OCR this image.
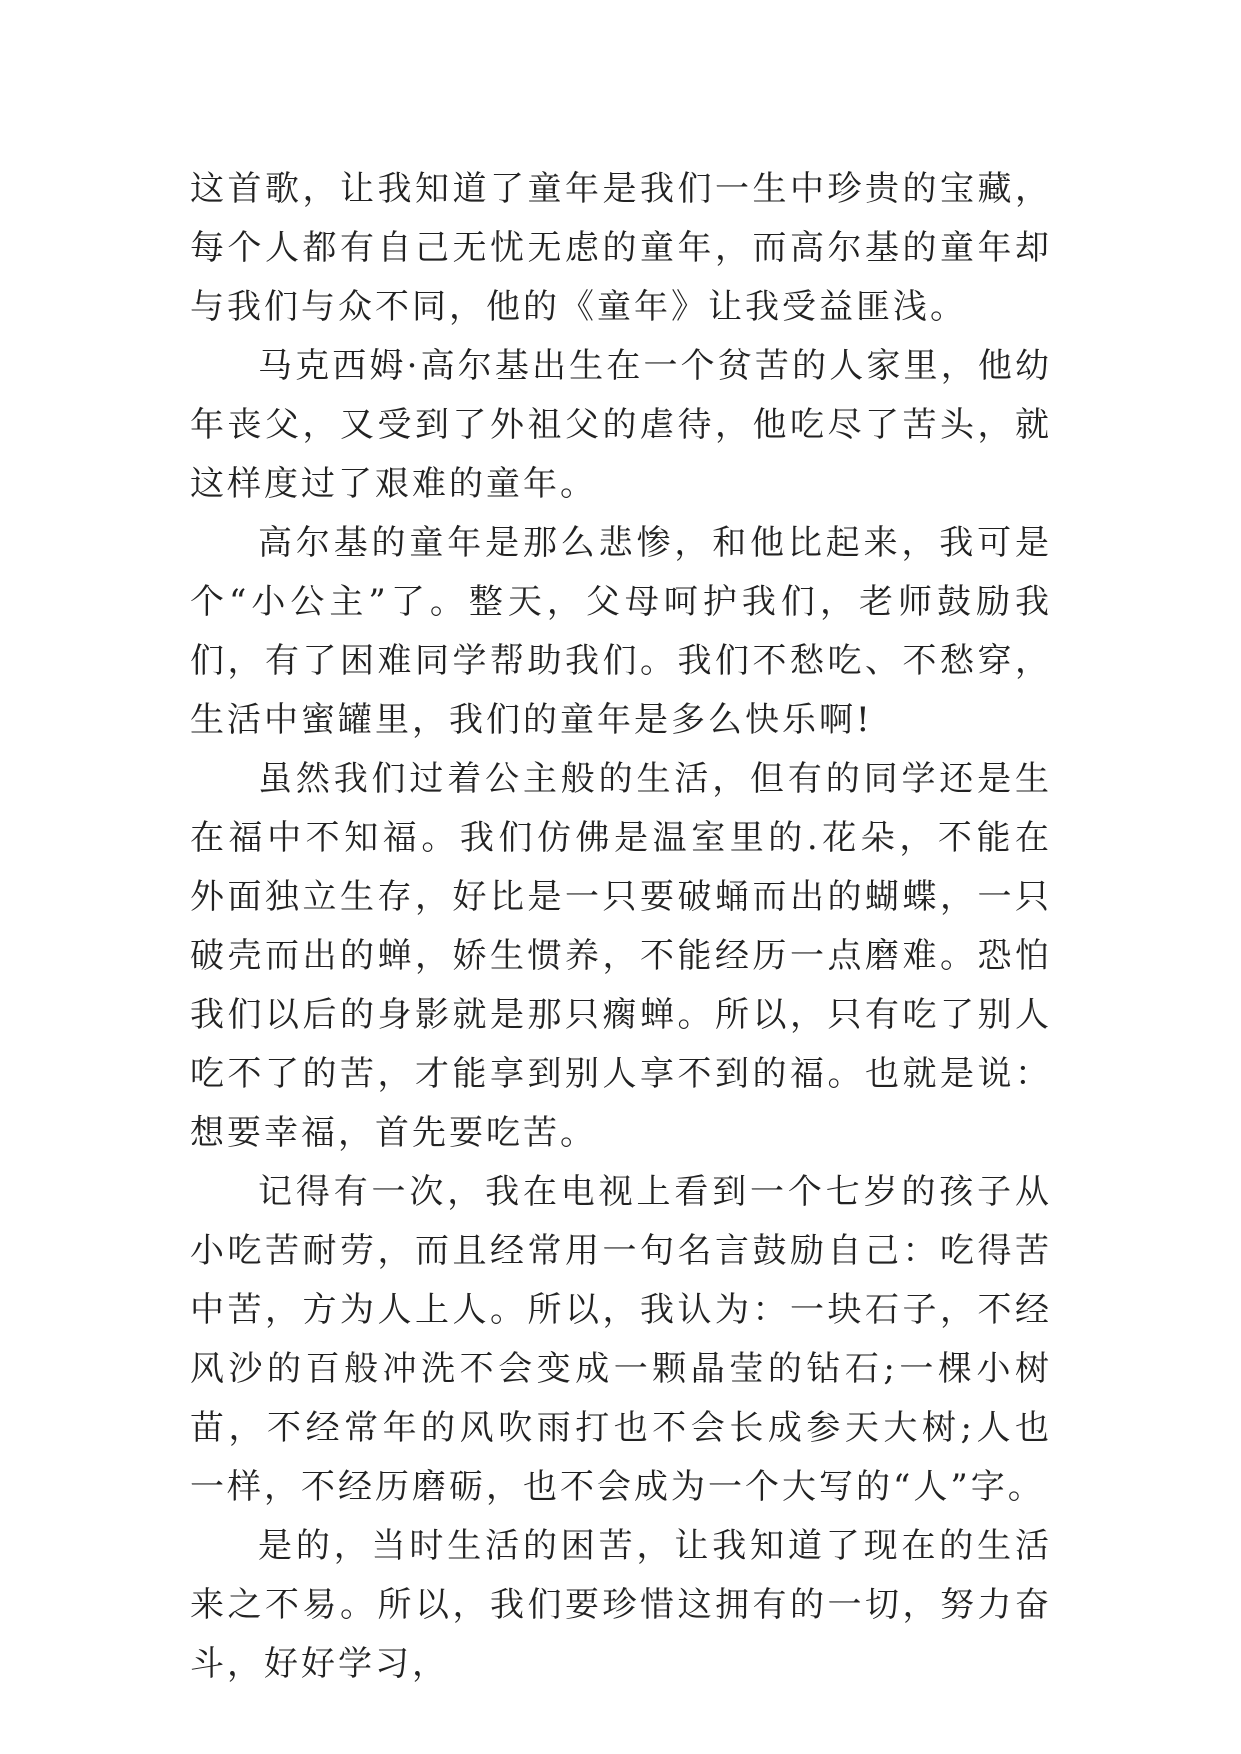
这首歌，让我知道了童年是我们一生中珍贵的宝藏，每个人都有自己无忧无虑的童年，而高尔基的童年却与我们与众不同，他的《童年》让我受益匪浅。

马克西姆·高尔基出生在一个贫苦的人家里，他幼年丧父，又受到了外祖父的虐待，他吃尽了苦头，就这样度过了艰难的童年。

高尔基的童年是那么悲惨，和他比起来，我可是个“小公主”了。整天，父母呵护我们，老师鼓励我们，有了困难同学帮助我们。我们不愁吃、不愁穿，生活中蜜罐里，我们的童年是多么快乐啊!

虽然我们过着公主般的生活，但有的同学还是生在福中不知福。我们仿佛是温室里的.花朵，不能在外面独立生存，好比是一只要破蛹而出的蝴蝶，一只破壳而出的蝉，娇生惯养，不能经历一点磨难。恐怕我们以后的身影就是那只瘸蝉。所以，只有吃了别人吃不了的苦，才能享到别人享不到的福。也就是说：想要幸福，首先要吃苦。

记得有一次，我在电视上看到一个七岁的孩子从小吃苦耐劳，而且经常用一句名言鼓励自己：吃得苦中苦，方为人上人。所以，我认为：一块石子，不经风沙的百般冲洗不会变成一颗晶莹的钻石;一棵小树苗，不经常年的风吹雨打也不会长成参天大树;人也一样，不经历磨砺，也不会成为一个大写的“人”字。

是的，当时生活的困苦，让我知道了现在的生活来之不易。所以，我们要珍惜这拥有的一切，努力奋斗，好好学习，
